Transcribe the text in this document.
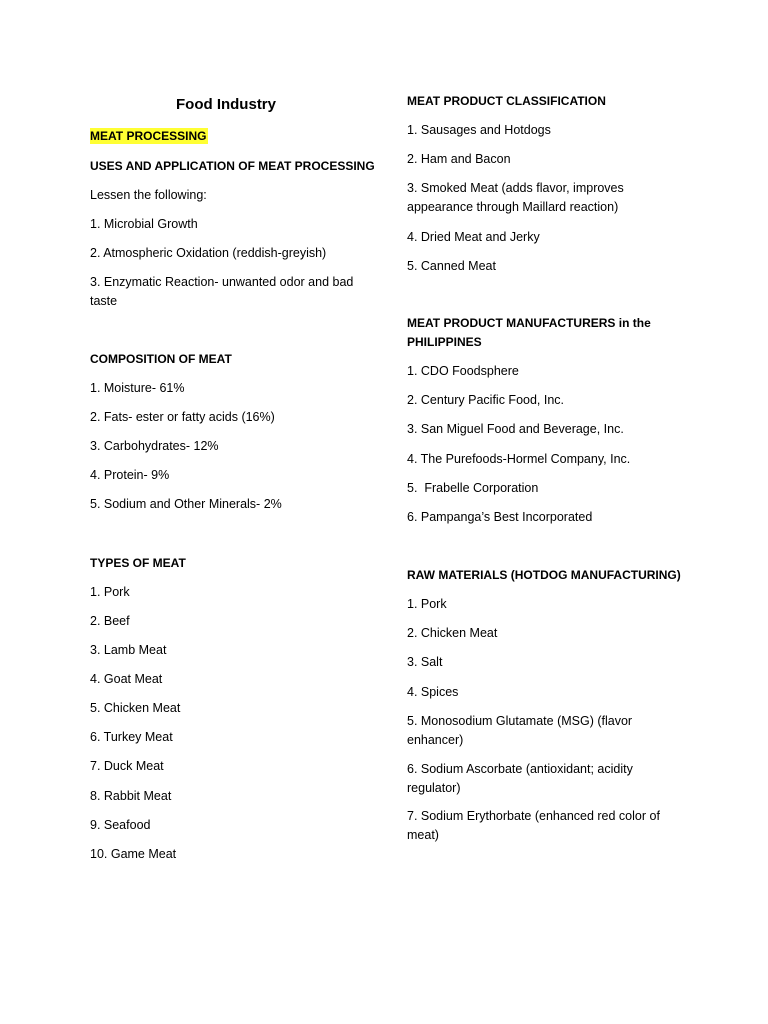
Food Industry

MEAT PROCESSING

USES AND APPLICATION OF MEAT PROCESSING

Lessen the following:

1. Microbial Growth

2. Atmospheric Oxidation (reddish-greyish)

3. Enzymatic Reaction- unwanted odor and bad taste

COMPOSITION OF MEAT

1. Moisture- 61%

2. Fats- ester or fatty acids (16%)

3. Carbohydrates- 12%

4. Protein- 9%

5. Sodium and Other Minerals- 2%

TYPES OF MEAT

1. Pork

2. Beef

3. Lamb Meat

4. Goat Meat

5. Chicken Meat

6. Turkey Meat

7. Duck Meat

8. Rabbit Meat

9. Seafood

10. Game Meat

MEAT PRODUCT CLASSIFICATION

1. Sausages and Hotdogs

2. Ham and Bacon

3. Smoked Meat (adds flavor, improves appearance through Maillard reaction)

4. Dried Meat and Jerky

5. Canned Meat

MEAT PRODUCT MANUFACTURERS in the PHILIPPINES

1. CDO Foodsphere

2. Century Pacific Food, Inc.

3. San Miguel Food and Beverage, Inc.

4. The Purefoods-Hormel Company, Inc.

5.  Frabelle Corporation

6. Pampanga’s Best Incorporated

RAW MATERIALS (HOTDOG MANUFACTURING)

1. Pork

2. Chicken Meat

3. Salt

4. Spices

5. Monosodium Glutamate (MSG) (flavor enhancer)

6. Sodium Ascorbate (antioxidant; acidity regulator)

7. Sodium Erythorbate (enhanced red color of meat)
